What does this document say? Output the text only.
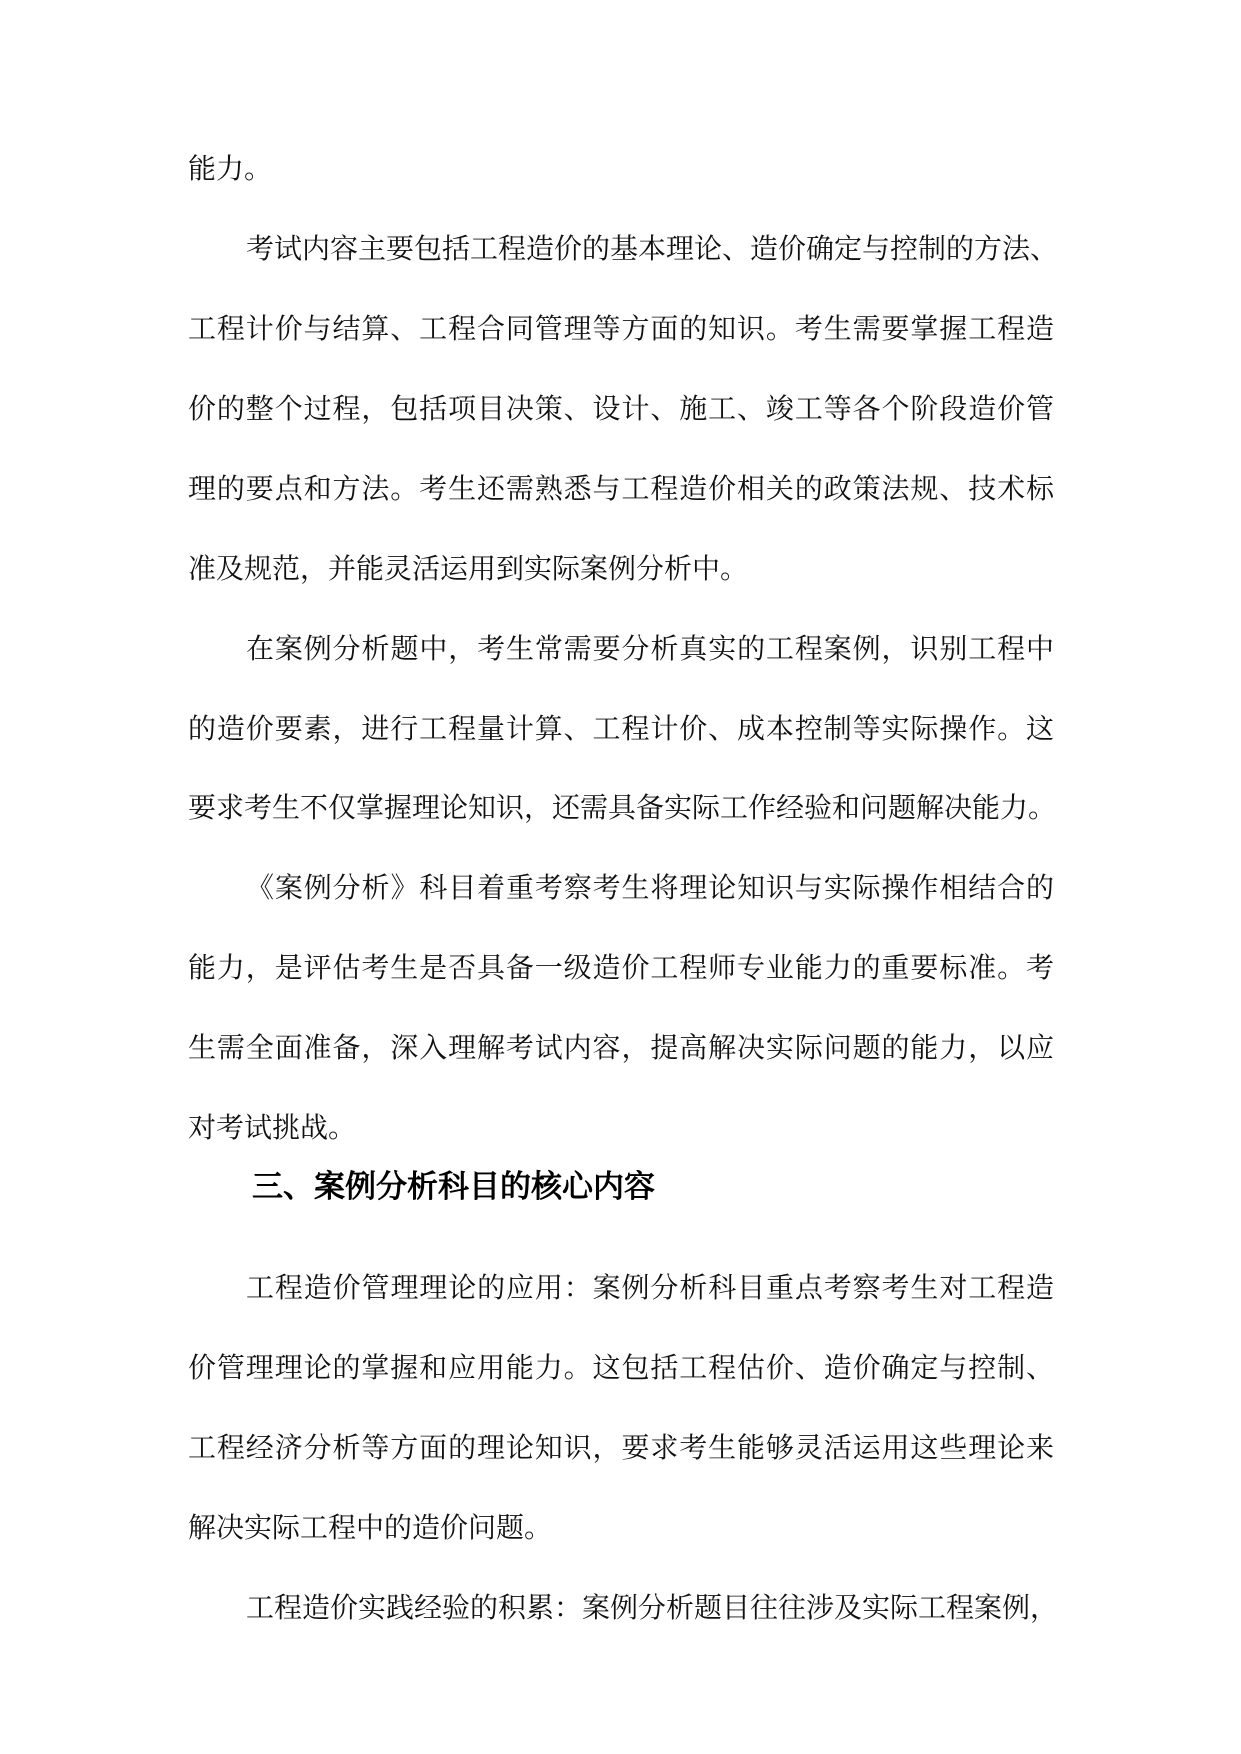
能力。

考试内容主要包括工程造价的基本理论、造价确定与控制的方法、

工程计价与结算、工程合同管理等方面的知识。考生需要掌握工程造

价的整个过程，包括项目决策、设计、施工、竣工等各个阶段造价管

理的要点和方法。考生还需熟悉与工程造价相关的政策法规、技术标

准及规范，并能灵活运用到实际案例分析中。

在案例分析题中，考生常需要分析真实的工程案例，识别工程中

的造价要素，进行工程量计算、工程计价、成本控制等实际操作。这

要求考生不仅掌握理论知识，还需具备实际工作经验和问题解决能力。

《案例分析》科目着重考察考生将理论知识与实际操作相结合的

能力，是评估考生是否具备一级造价工程师专业能力的重要标准。考

生需全面准备，深入理解考试内容，提高解决实际问题的能力，以应

对考试挑战。

三、案例分析科目的核心内容

工程造价管理理论的应用：案例分析科目重点考察考生对工程造

价管理理论的掌握和应用能力。这包括工程估价、造价确定与控制、

工程经济分析等方面的理论知识，要求考生能够灵活运用这些理论来

解决实际工程中的造价问题。

工程造价实践经验的积累：案例分析题目往往涉及实际工程案例，
